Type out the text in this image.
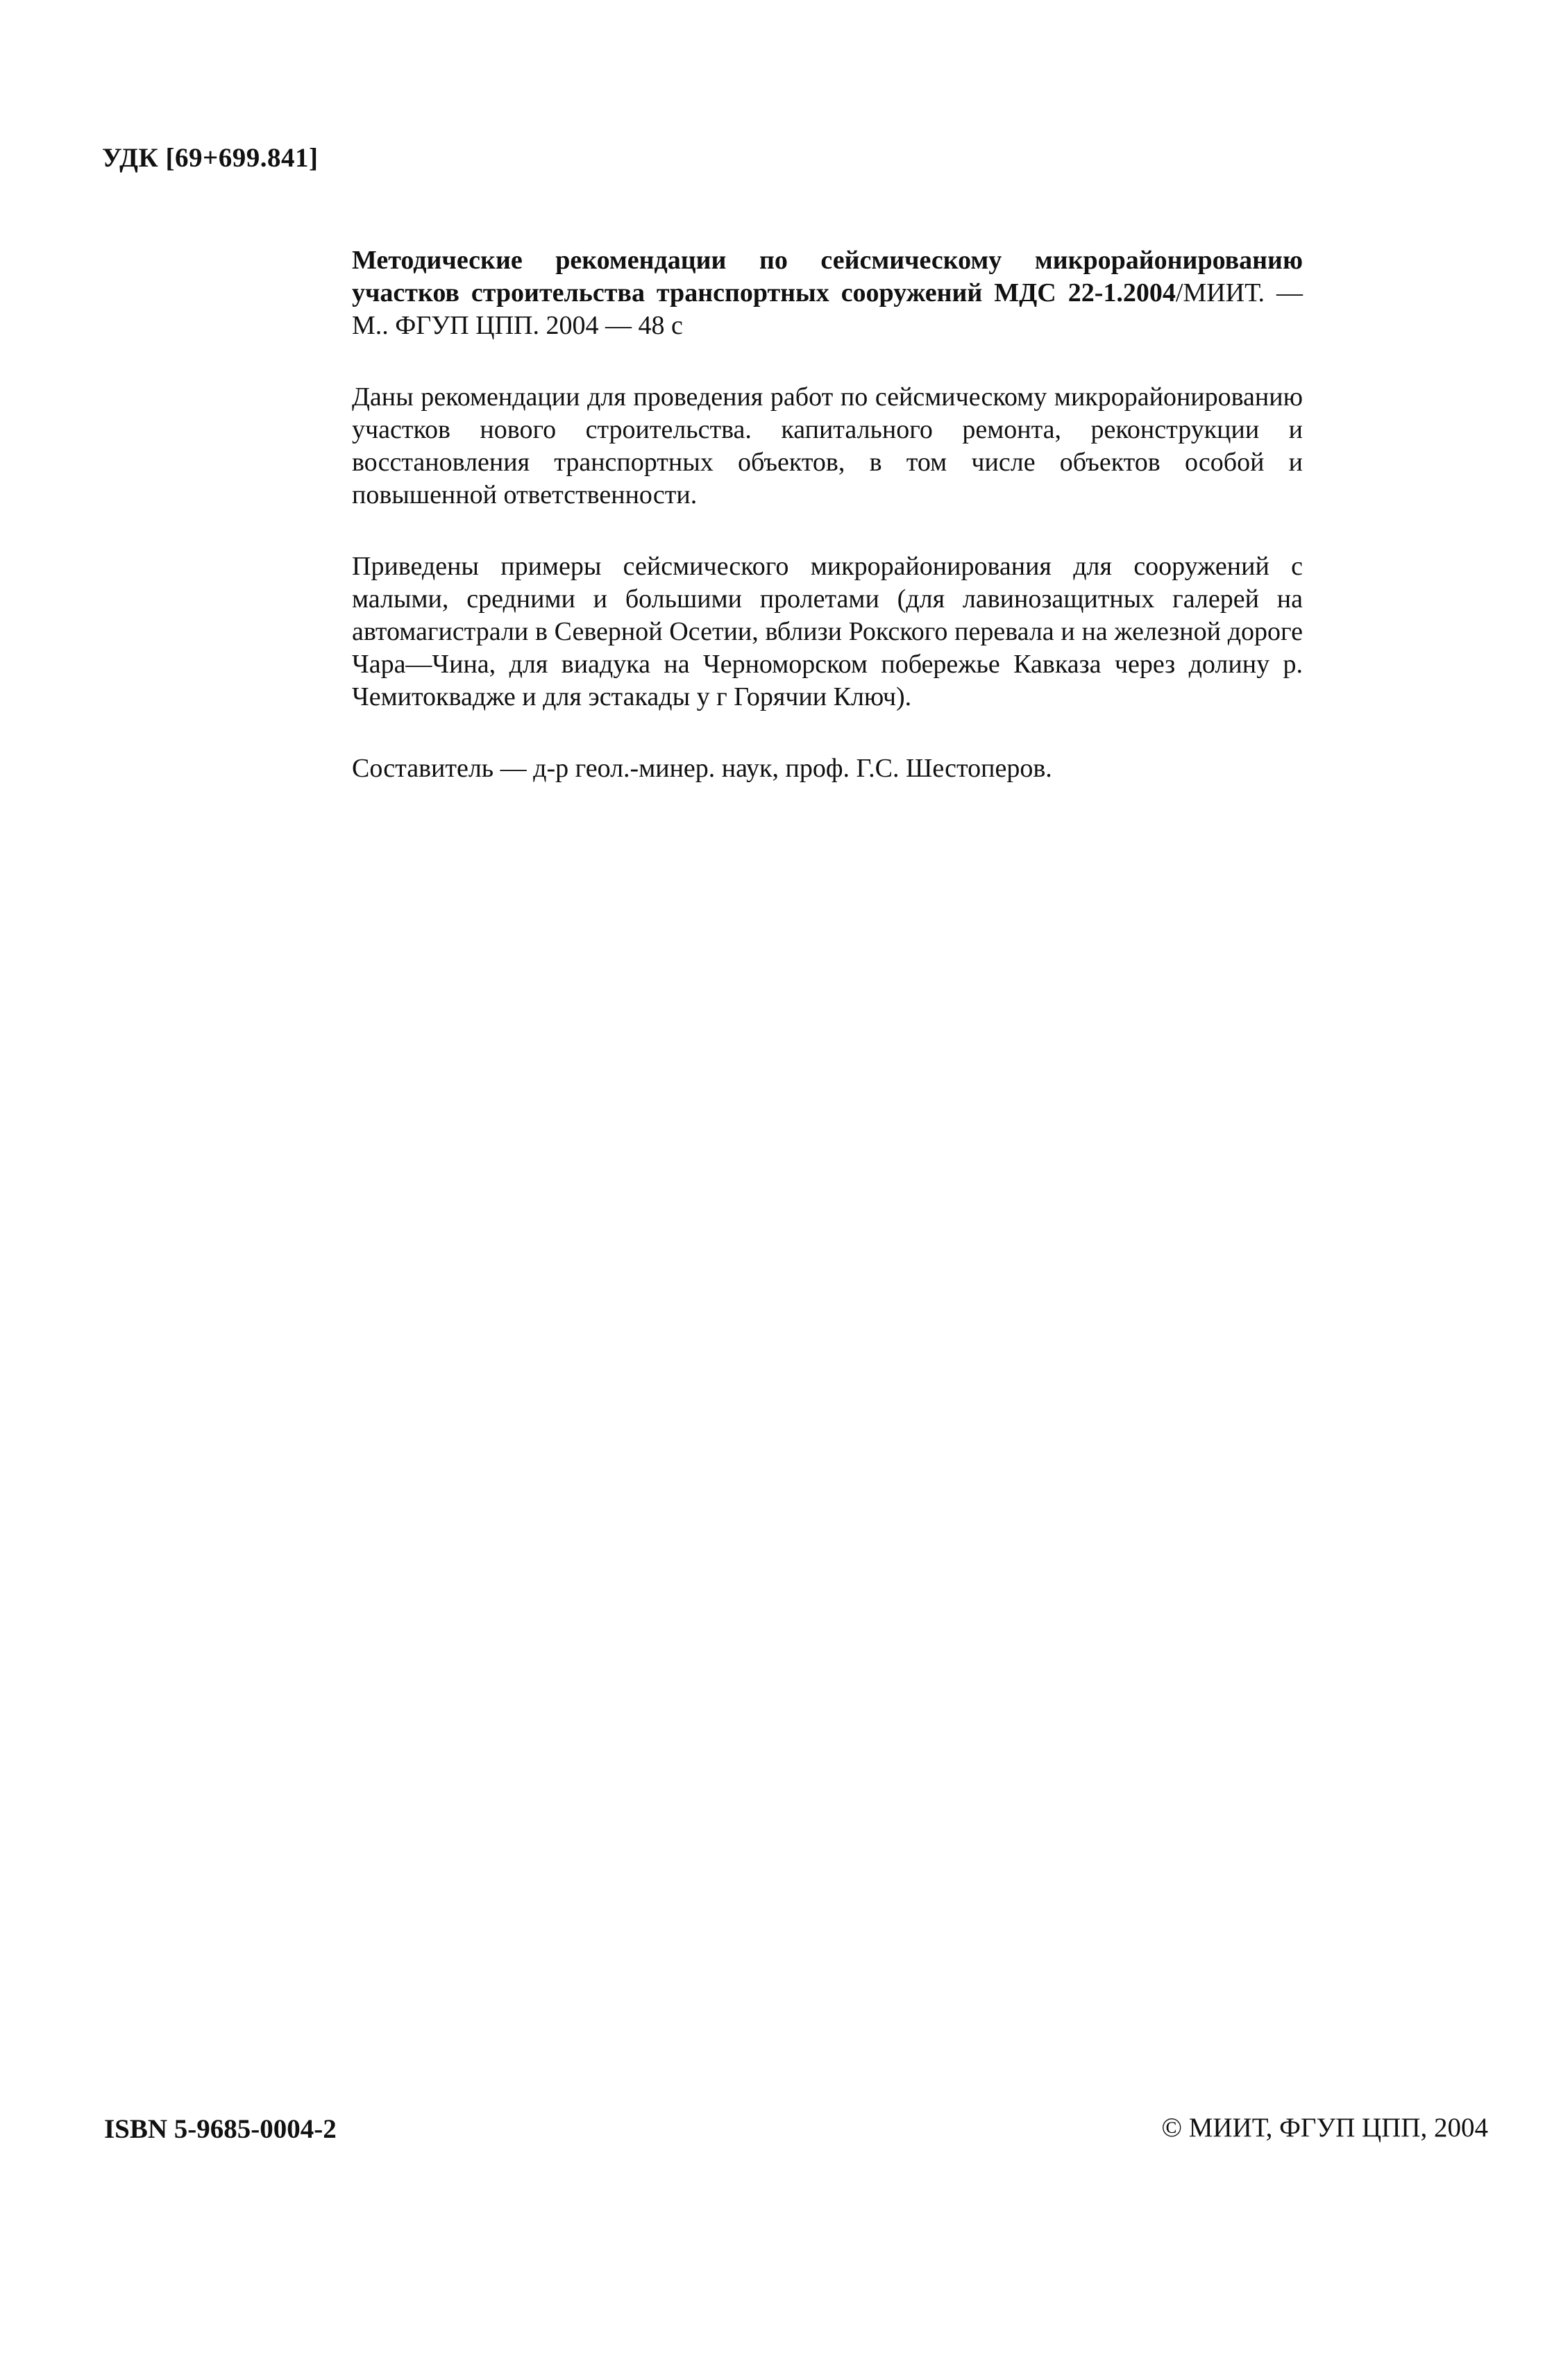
УДК [69+699.841]

Методические рекомендации по сейсмическому микрорайонированию участков строительства транспортных сооружений МДС 22-1.2004/МИИТ. — М.. ФГУП ЦПП. 2004 — 48 с

Даны рекомендации для проведения работ по сейсмическому микрорайонированию участков нового строительства. капитального ремонта, реконструкции и восстановления транспортных объектов, в том числе объектов особой и повышенной ответственности.

Приведены примеры сейсмического микрорайонирования для сооружений с малыми, средними и большими пролетами (для лавинозащитных галерей на автомагистрали в Северной Осетии, вблизи Рокского перевала и на железной дороге Чара—Чина, для виадука на Черноморском побережье Кавказа через долину р. Чемитоквадже и для эстакады у г Горячии Ключ).

Составитель — д-р геол.-минер. наук, проф. Г.С. Шестоперов.

ISBN 5-9685-0004-2	© МИИТ, ФГУП ЦПП, 2004
